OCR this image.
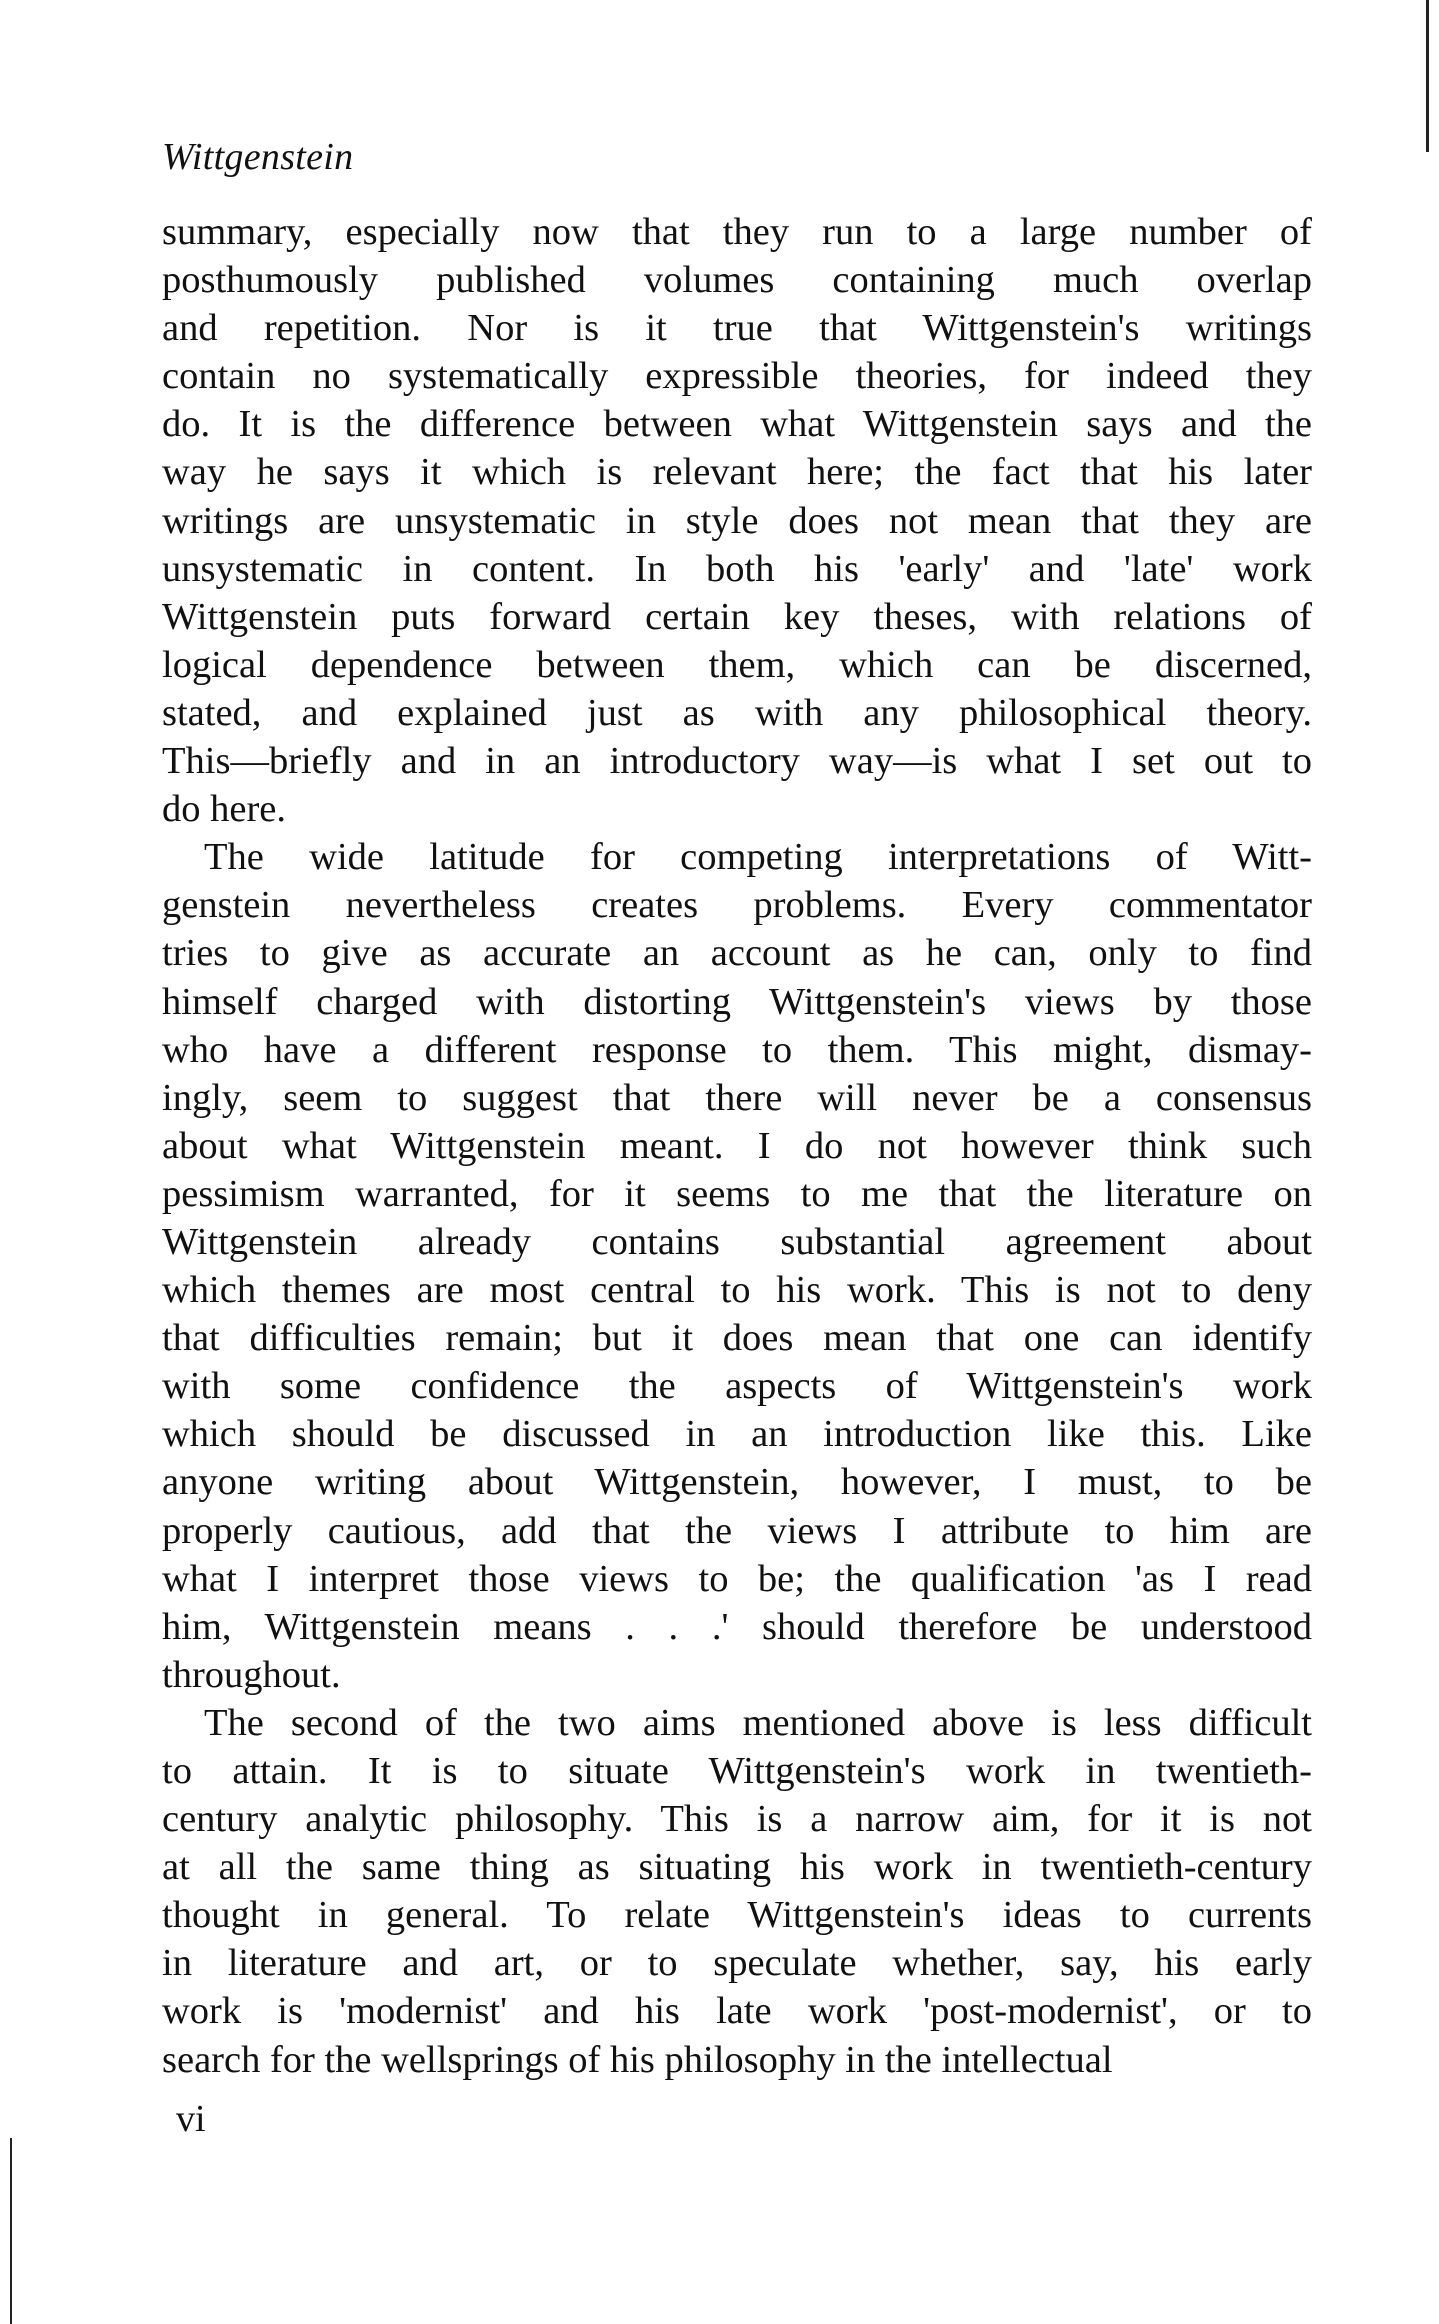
Wittgenstein
summary, especially now that they run to a large number of
posthumously published volumes containing much overlap
and repetition. Nor is it true that Wittgenstein's writings
contain no systematically expressible theories, for indeed they
do. It is the difference between what Wittgenstein says and the
way he says it which is relevant here; the fact that his later
writings are unsystematic in style does not mean that they are
unsystematic in content. In both his 'early' and 'late' work
Wittgenstein puts forward certain key theses, with relations of
logical dependence between them, which can be discerned,
stated, and explained just as with any philosophical theory.
This—briefly and in an introductory way—is what I set out to
do here.
The wide latitude for competing interpretations of Witt-
genstein nevertheless creates problems. Every commentator
tries to give as accurate an account as he can, only to find
himself charged with distorting Wittgenstein's views by those
who have a different response to them. This might, dismay-
ingly, seem to suggest that there will never be a consensus
about what Wittgenstein meant. I do not however think such
pessimism warranted, for it seems to me that the literature on
Wittgenstein already contains substantial agreement about
which themes are most central to his work. This is not to deny
that difficulties remain; but it does mean that one can identify
with some confidence the aspects of Wittgenstein's work
which should be discussed in an introduction like this. Like
anyone writing about Wittgenstein, however, I must, to be
properly cautious, add that the views I attribute to him are
what I interpret those views to be; the qualification 'as I read
him, Wittgenstein means . . .' should therefore be understood
throughout.
The second of the two aims mentioned above is less difficult
to attain. It is to situate Wittgenstein's work in twentieth-
century analytic philosophy. This is a narrow aim, for it is not
at all the same thing as situating his work in twentieth-century
thought in general. To relate Wittgenstein's ideas to currents
in literature and art, or to speculate whether, say, his early
work is 'modernist' and his late work 'post-modernist', or to
search for the wellsprings of his philosophy in the intellectual
vi
